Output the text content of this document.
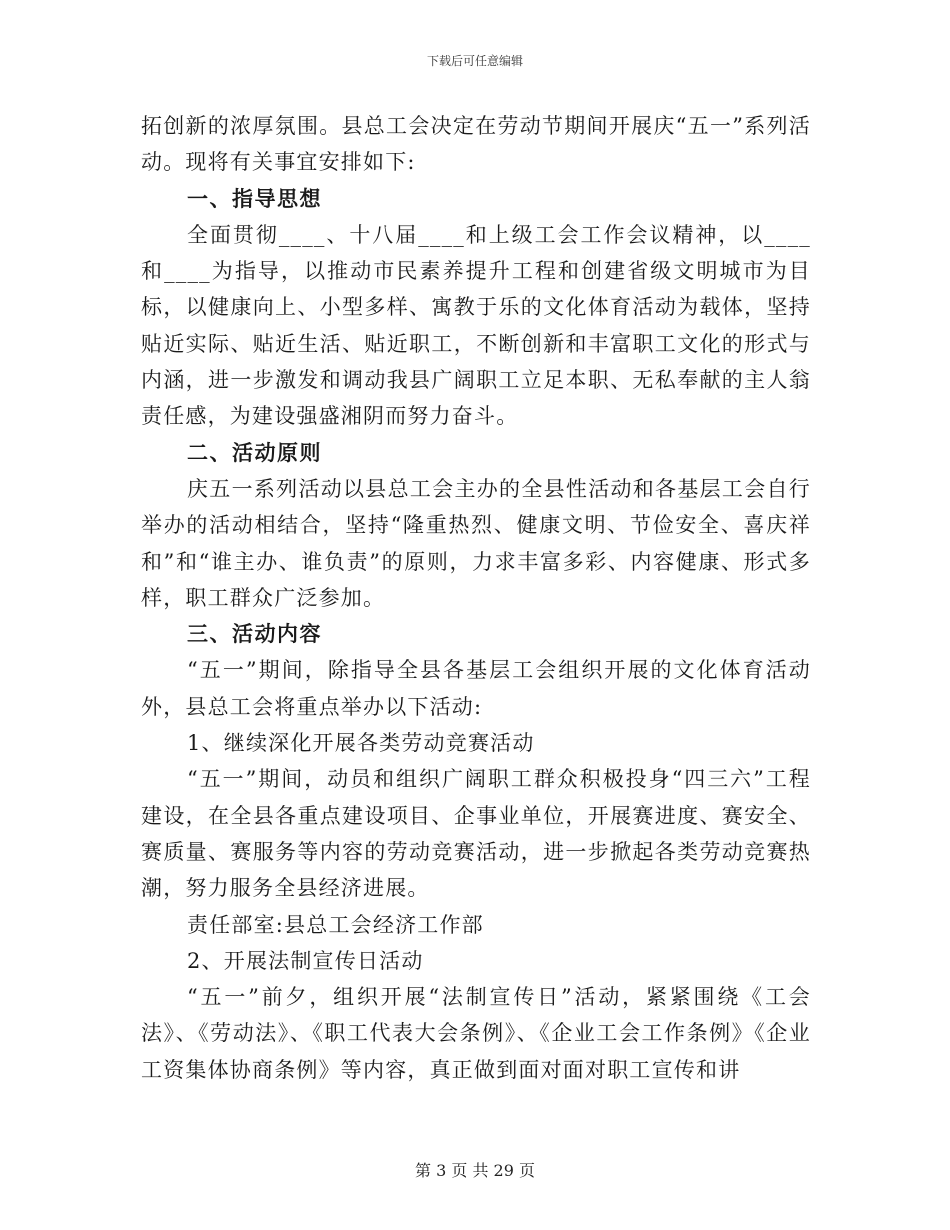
下载后可任意编辑

拓创新的浓厚氛围。县总工会决定在劳动节期间开展庆“五一”系列活动。现将有关事宜安排如下:

一、指导思想

全面贯彻____、十八届____和上级工会工作会议精神，以____和____为指导，以推动市民素养提升工程和创建省级文明城市为目标，以健康向上、小型多样、寓教于乐的文化体育活动为载体，坚持贴近实际、贴近生活、贴近职工，不断创新和丰富职工文化的形式与内涵，进一步激发和调动我县广阔职工立足本职、无私奉献的主人翁责任感，为建设强盛湘阴而努力奋斗。

二、活动原则

庆五一系列活动以县总工会主办的全县性活动和各基层工会自行举办的活动相结合，坚持“隆重热烈、健康文明、节俭安全、喜庆祥和”和“谁主办、谁负责”的原则，力求丰富多彩、内容健康、形式多样，职工群众广泛参加。

三、活动内容

“五一”期间，除指导全县各基层工会组织开展的文化体育活动外，县总工会将重点举办以下活动:

1、继续深化开展各类劳动竞赛活动

“五一”期间，动员和组织广阔职工群众积极投身“四三六”工程建设，在全县各重点建设项目、企事业单位，开展赛进度、赛安全、赛质量、赛服务等内容的劳动竞赛活动，进一步掀起各类劳动竞赛热潮，努力服务全县经济进展。

责任部室:县总工会经济工作部

2、开展法制宣传日活动

“五一”前夕，组织开展“法制宣传日”活动，紧紧围绕《工会法》、《劳动法》、《职工代表大会条例》、《企业工会工作条例》《企业工资集体协商条例》等内容，真正做到面对面对职工宣传和讲

第 3 页 共 29 页
